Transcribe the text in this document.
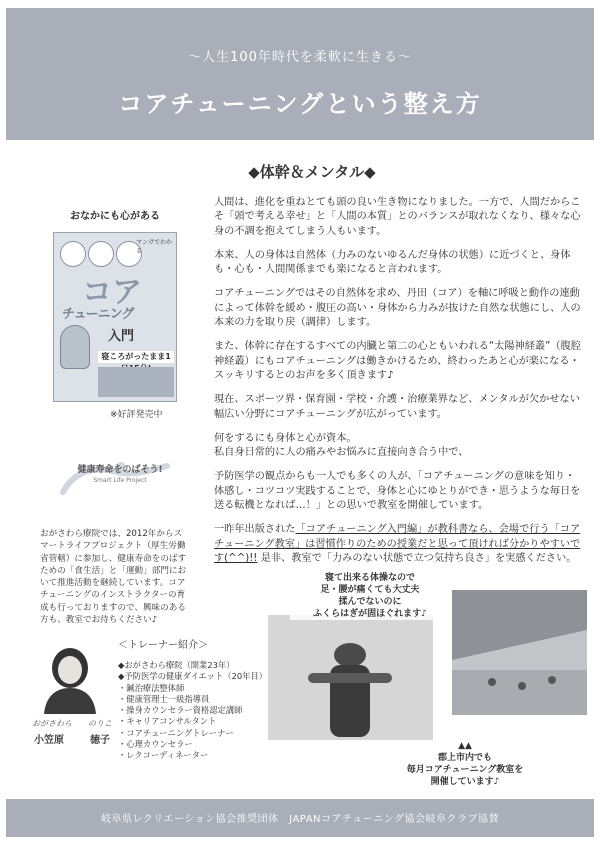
〜人生100年時代を柔軟に生きる〜
コアチューニングという整え方
◆体幹＆メンタル◆

人間は、進化を重ねとても頭の良い生き物になりました。一方で、人間だからこそ「頭で考える幸せ」と「人間の本質」とのバランスが取れなくなり、様々な心身の不調を抱えてしまう人もいます。

本来、人の身体は自然体（力みのないゆるんだ身体の状態）に近づくと、身体も・心も・人間関係までも楽になると言われます。

コアチューニングではその自然体を求め、丹田（コア）を軸に呼吸と動作の連動によって体幹を緩め・腹圧の高い・身体から力みが抜けた自然な状態にし、人の本来の力を取り戻（調律）します。

また、体幹に存在するすべての内臓と第二の心ともいわれる“太陽神経叢”（腹腔神経叢）にもコアチューニングは働きかけるため、終わったあと心が楽になる・スッキリするとのお声を多く頂きます♪

現在、スポーツ界・保育園・学校・介護・治療業界など、メンタルが欠かせない幅広い分野にコアチューニングが広がっています。

何をするにも身体と心が資本。
私自身日常的に人の痛みやお悩みに直接向き合う中で、

予防医学の観点からも一人でも多くの人が、「コアチューニングの意味を知り・体感し・コツコツ実践することで、身体と心にゆとりができ・思うような毎日を送る転機となれば…！」との思いで教室を開催しています。

一昨年出版された「コアチューニング入門編」が教科書なら、会場で行う「コアチューニング教室」は習慣作りのための授業だと思って頂ければ分かりやすいです(^^)!! 是非、教室で「力みのない状態で立つ気持ち良さ」を実感ください。

おなかにも心がある
マンガでわかる
コア
チューニング
入門
寝ころがったまま1
※好評発売中
健康寿命をのばそう!
Smart Life Project
おがさわら療院では、2012年からスマートライフプロジェクト（厚生労働省管轄）に参加し、健康寿命をのばすための「食生活」と「運動」部門において推進活動を継続しています。コアチューニングのインストラクターの育成も行っておりますので、興味のある方も、教室でお待ちください♪
寝て出来る体操なので
足・腰が痛くても大丈夫
揉んでないのに
ふくらはぎが固ほぐれます♪
▲▲
郡上市内でも
毎月コアチューニング教室を
開催しています♪
＜トレーナー紹介＞
◆おがさわら療院（開業23年）
◆予防医学の健康ダイエット（20年目）
・鍼治療法整体師
・健康管理士一級指導員
・操身カウンセラー資格認定講師
・キャリアコンサルタント
・コアチューニングトレーナー
・心理カウンセラー
・レクコーディネーター
おがさわら のりこ
小笠原	徳子
岐阜県レクリエーション協会推奨団体　JAPANコアチューニング協会岐阜クラブ協賛
